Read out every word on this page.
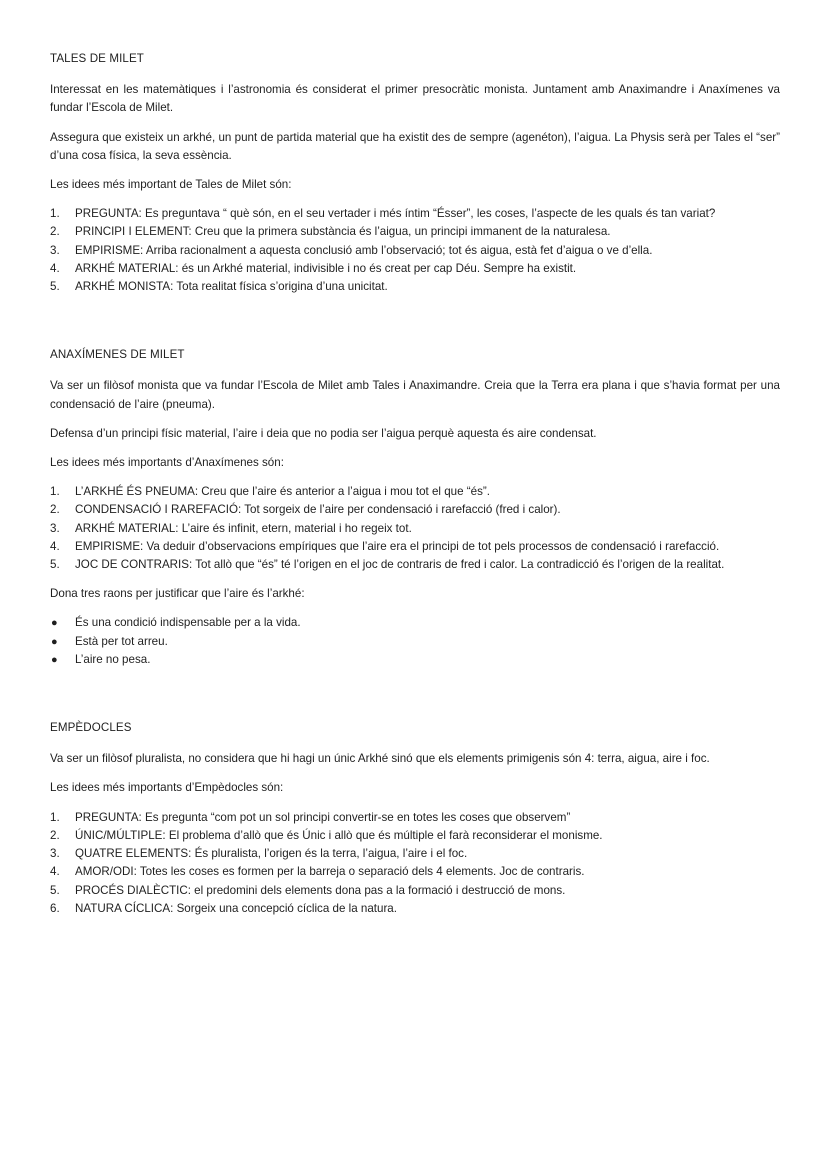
TALES DE MILET

Interessat en les matemàtiques i l’astronomia és considerat el primer presocràtic monista. Juntament amb Anaximandre i Anaxímenes va fundar l’Escola de Milet.

Assegura que existeix un arkhé, un punt de partida material que ha existit des de sempre (agenéton), l’aigua. La Physis serà per Tales el “ser” d’una cosa física, la seva essència.

Les idees més important de Tales de Milet són:

1. PREGUNTA: Es preguntava “ què són, en el seu vertader i més íntim “Ésser”, les coses, l’aspecte de les quals és tan variat?
2. PRINCIPI I ELEMENT: Creu que la primera substància és l’aigua, un principi immanent de la naturalesa.
3. EMPIRISME: Arriba racionalment a aquesta conclusió amb l’observació; tot és aigua, està fet d’aigua o ve d’ella.
4. ARKHÉ MATERIAL: és un Arkhé material, indivisible i no és creat per cap Déu. Sempre ha existit.
5. ARKHÉ MONISTA: Tota realitat física s’origina d’una unicitat.
ANAXÍMENES DE MILET

Va ser un filòsof monista que va fundar l’Escola de Milet amb Tales i Anaximandre. Creia que la Terra era plana i que s’havia format per una condensació de l’aire (pneuma).

Defensa d’un principi físic material, l’aire i deia que no podia ser l’aigua perquè aquesta és aire condensat.

Les idees més importants d’Anaxímenes són:

1. L’ARKHÉ ÉS PNEUMA: Creu que l’aire és anterior a l’aigua i mou tot el que “és”.
2. CONDENSACIÓ I RAREFACIÓ: Tot sorgeix de l’aire per condensació i rarefacció (fred i calor).
3. ARKHÉ MATERIAL: L’aire és infinit, etern, material i ho regeix tot.
4. EMPIRISME: Va deduir d’observacions empíriques que l’aire era el principi de tot pels processos de condensació i rarefacció.
5. JOC DE CONTRARIS: Tot allò que “és” té l’origen en el joc de contraris de fred i calor. La contradicció és l’origen de la realitat.

Dona tres raons per justificar que l’aire és l’arkhé:

● És una condició indispensable per a la vida.
● Està per tot arreu.
● L’aire no pesa.
EMPÈDOCLES

Va ser un filòsof pluralista, no considera que hi hagi un únic Arkhé sinó que els elements primigenis són 4: terra, aigua, aire i foc.

Les idees més importants d’Empèdocles són:

1. PREGUNTA: Es pregunta “com pot un sol principi convertir-se en totes les coses que observem”
2. ÚNIC/MÚLTIPLE: El problema d’allò que és Únic i allò que és múltiple el farà reconsiderar el monisme.
3. QUATRE ELEMENTS: És pluralista, l’origen és la terra, l’aigua, l’aire i el foc.
4. AMOR/ODI: Totes les coses es formen per la barreja o separació dels 4 elements. Joc de contraris.
5. PROCÉS DIALÈCTIC: el predomini dels elements dona pas a la formació i destrucció de mons.
6. NATURA CÍCLICA: Sorgeix una concepció cíclica de la natura.
